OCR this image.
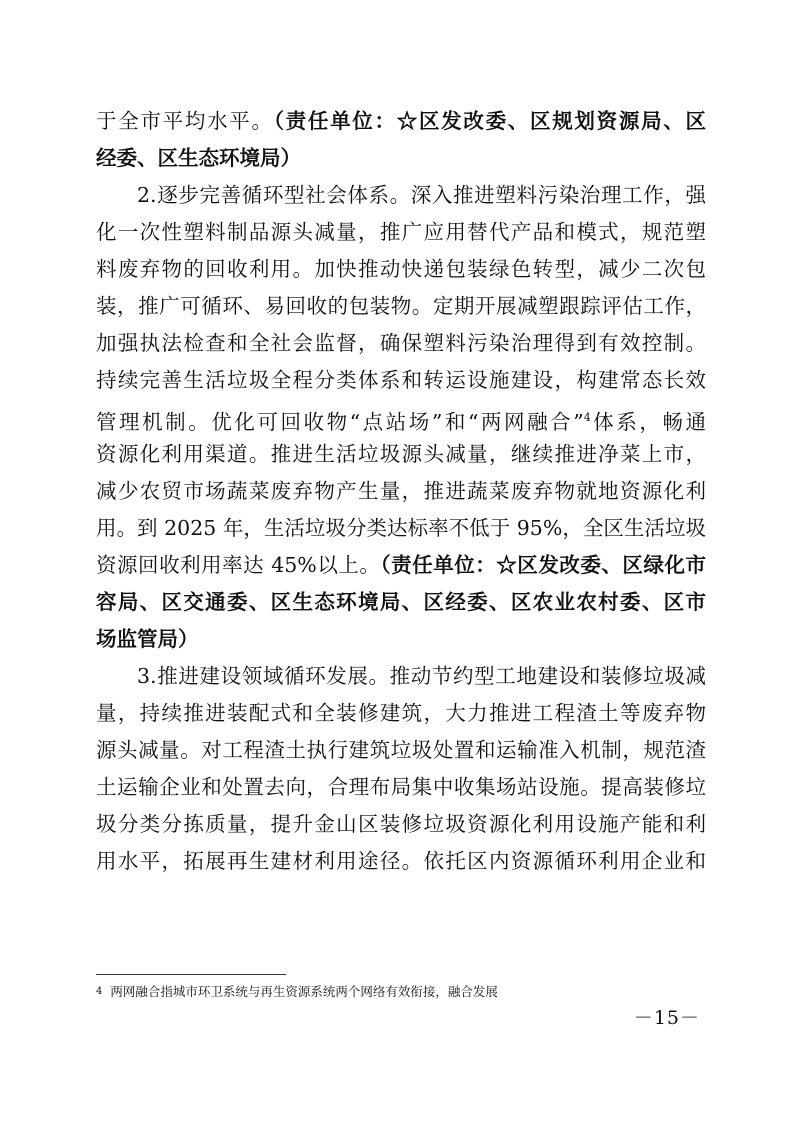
于全市平均水平。（责任单位：☆区发改委、区规划资源局、区
经委、区生态环境局）
2.逐步完善循环型社会体系。深入推进塑料污染治理工作，强
化一次性塑料制品源头减量，推广应用替代产品和模式，规范塑
料废弃物的回收利用。加快推动快递包装绿色转型，减少二次包
装，推广可循环、易回收的包装物。定期开展减塑跟踪评估工作，
加强执法检查和全社会监督，确保塑料污染治理得到有效控制。
持续完善生活垃圾全程分类体系和转运设施建设，构建常态长效
管理机制。优化可回收物“点站场”和“两网融合”$^4$体系，畅通
资源化利用渠道。推进生活垃圾源头减量，继续推进净菜上市，
减少农贸市场蔬菜废弃物产生量，推进蔬菜废弃物就地资源化利
用。到 2025 年，生活垃圾分类达标率不低于 95%，全区生活垃圾
资源回收利用率达 45%以上。（责任单位：☆区发改委、区绿化市
容局、区交通委、区生态环境局、区经委、区农业农村委、区市
场监管局）
3.推进建设领域循环发展。推动节约型工地建设和装修垃圾减
量，持续推进装配式和全装修建筑，大力推进工程渣土等废弃物
源头减量。对工程渣土执行建筑垃圾处置和运输准入机制，规范渣
土运输企业和处置去向，合理布局集中收集场站设施。提高装修垃
圾分类分拣质量，提升金山区装修垃圾资源化利用设施产能和利
用水平，拓展再生建材利用途径。依托区内资源循环利用企业和
4 两网融合指城市环卫系统与再生资源系统两个网络有效衔接，融合发展
－15－
